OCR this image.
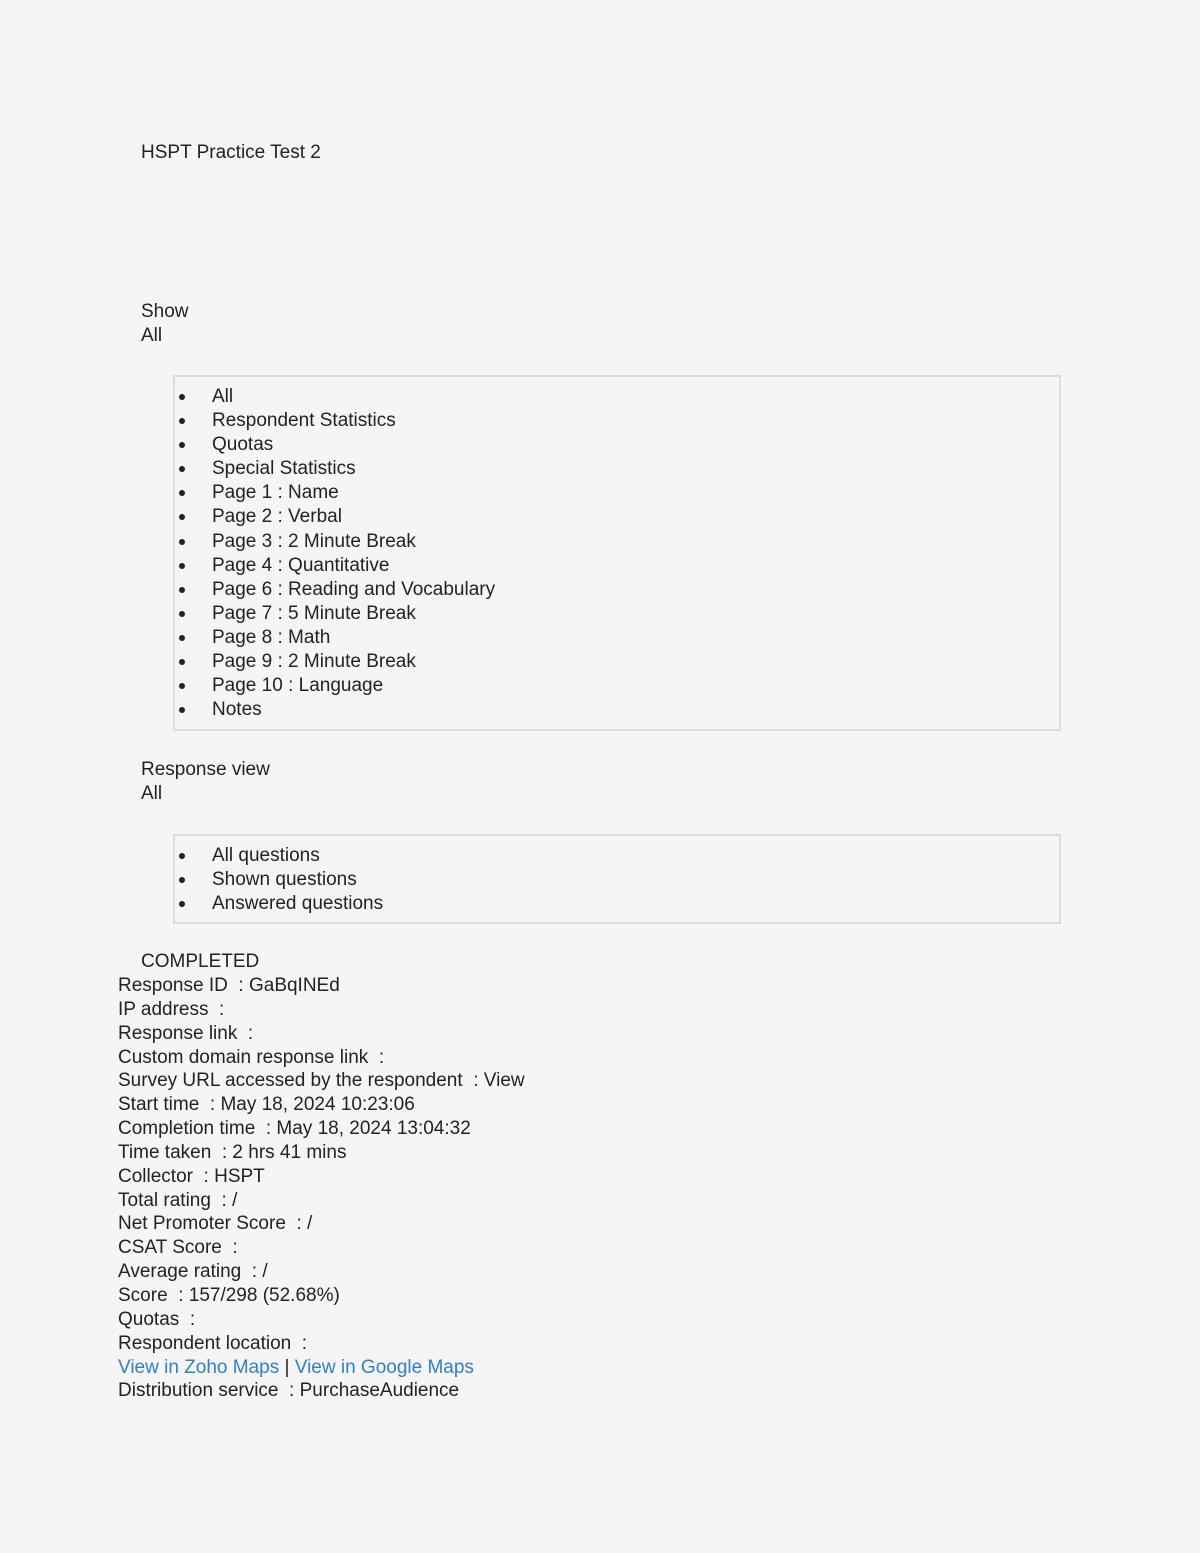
HSPT Practice Test 2
Show
All
All
Respondent Statistics
Quotas
Special Statistics
Page 1 : Name
Page 2 : Verbal
Page 3 : 2 Minute Break
Page 4 : Quantitative
Page 6 : Reading and Vocabulary
Page 7 : 5 Minute Break
Page 8 : Math
Page 9 : 2 Minute Break
Page 10 : Language
Notes
Response view
All
All questions
Shown questions
Answered questions
COMPLETED
Response ID  : GaBqINEd
IP address  :
Response link  :
Custom domain response link  :
Survey URL accessed by the respondent  : View
Start time  : May 18, 2024 10:23:06
Completion time  : May 18, 2024 13:04:32
Time taken  : 2 hrs 41 mins
Collector  : HSPT
Total rating  : /
Net Promoter Score  : /
CSAT Score  :
Average rating  : /
Score  : 157/298 (52.68%)
Quotas  :
Respondent location  :
View in Zoho Maps | View in Google Maps
Distribution service  : PurchaseAudience
